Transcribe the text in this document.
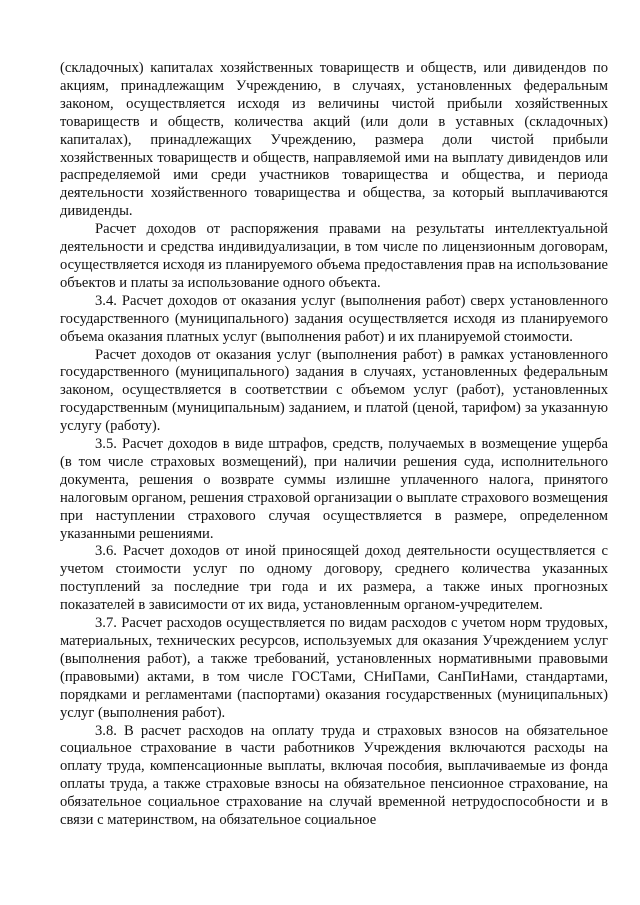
(складочных) капиталах хозяйственных товариществ и обществ, или дивидендов по акциям, принадлежащим Учреждению, в случаях, установленных федеральным законом, осуществляется исходя из величины чистой прибыли хозяйственных товариществ и обществ, количества акций (или доли в уставных (складочных) капиталах), принадлежащих Учреждению, размера доли чистой прибыли хозяйственных товариществ и обществ, направляемой ими на выплату дивидендов или распределяемой ими среди участников товарищества и общества, и периода деятельности хозяйственного товарищества и общества, за который выплачиваются дивиденды.

Расчет доходов от распоряжения правами на результаты интеллектуальной деятельности и средства индивидуализации, в том числе по лицензионным договорам, осуществляется исходя из планируемого объема предоставления прав на использование объектов и платы за использование одного объекта.

3.4. Расчет доходов от оказания услуг (выполнения работ) сверх установленного государственного (муниципального) задания осуществляется исходя из планируемого объема оказания платных услуг (выполнения работ) и их планируемой стоимости.

Расчет доходов от оказания услуг (выполнения работ) в рамках установленного государственного (муниципального) задания в случаях, установленных федеральным законом, осуществляется в соответствии с объемом услуг (работ), установленных государственным (муниципальным) заданием, и платой (ценой, тарифом) за указанную услугу (работу).

3.5. Расчет доходов в виде штрафов, средств, получаемых в возмещение ущерба (в том числе страховых возмещений), при наличии решения суда, исполнительного документа, решения о возврате суммы излишне уплаченного налога, принятого налоговым органом, решения страховой организации о выплате страхового возмещения при наступлении страхового случая осуществляется в размере, определенном указанными решениями.

3.6. Расчет доходов от иной приносящей доход деятельности осуществляется с учетом стоимости услуг по одному договору, среднего количества указанных поступлений за последние три года и их размера, а также иных прогнозных показателей в зависимости от их вида, установленным органом-учредителем.

3.7. Расчет расходов осуществляется по видам расходов с учетом норм трудовых, материальных, технических ресурсов, используемых для оказания Учреждением услуг (выполнения работ), а также требований, установленных нормативными правовыми (правовыми) актами, в том числе ГОСТами, СНиПами, СанПиНами, стандартами, порядками и регламентами (паспортами) оказания государственных (муниципальных) услуг (выполнения работ).

3.8. В расчет расходов на оплату труда и страховых взносов на обязательное социальное страхование в части работников Учреждения включаются расходы на оплату труда, компенсационные выплаты, включая пособия, выплачиваемые из фонда оплаты труда, а также страховые взносы на обязательное пенсионное страхование, на обязательное социальное страхование на случай временной нетрудоспособности и в связи с материнством, на обязательное социальное
